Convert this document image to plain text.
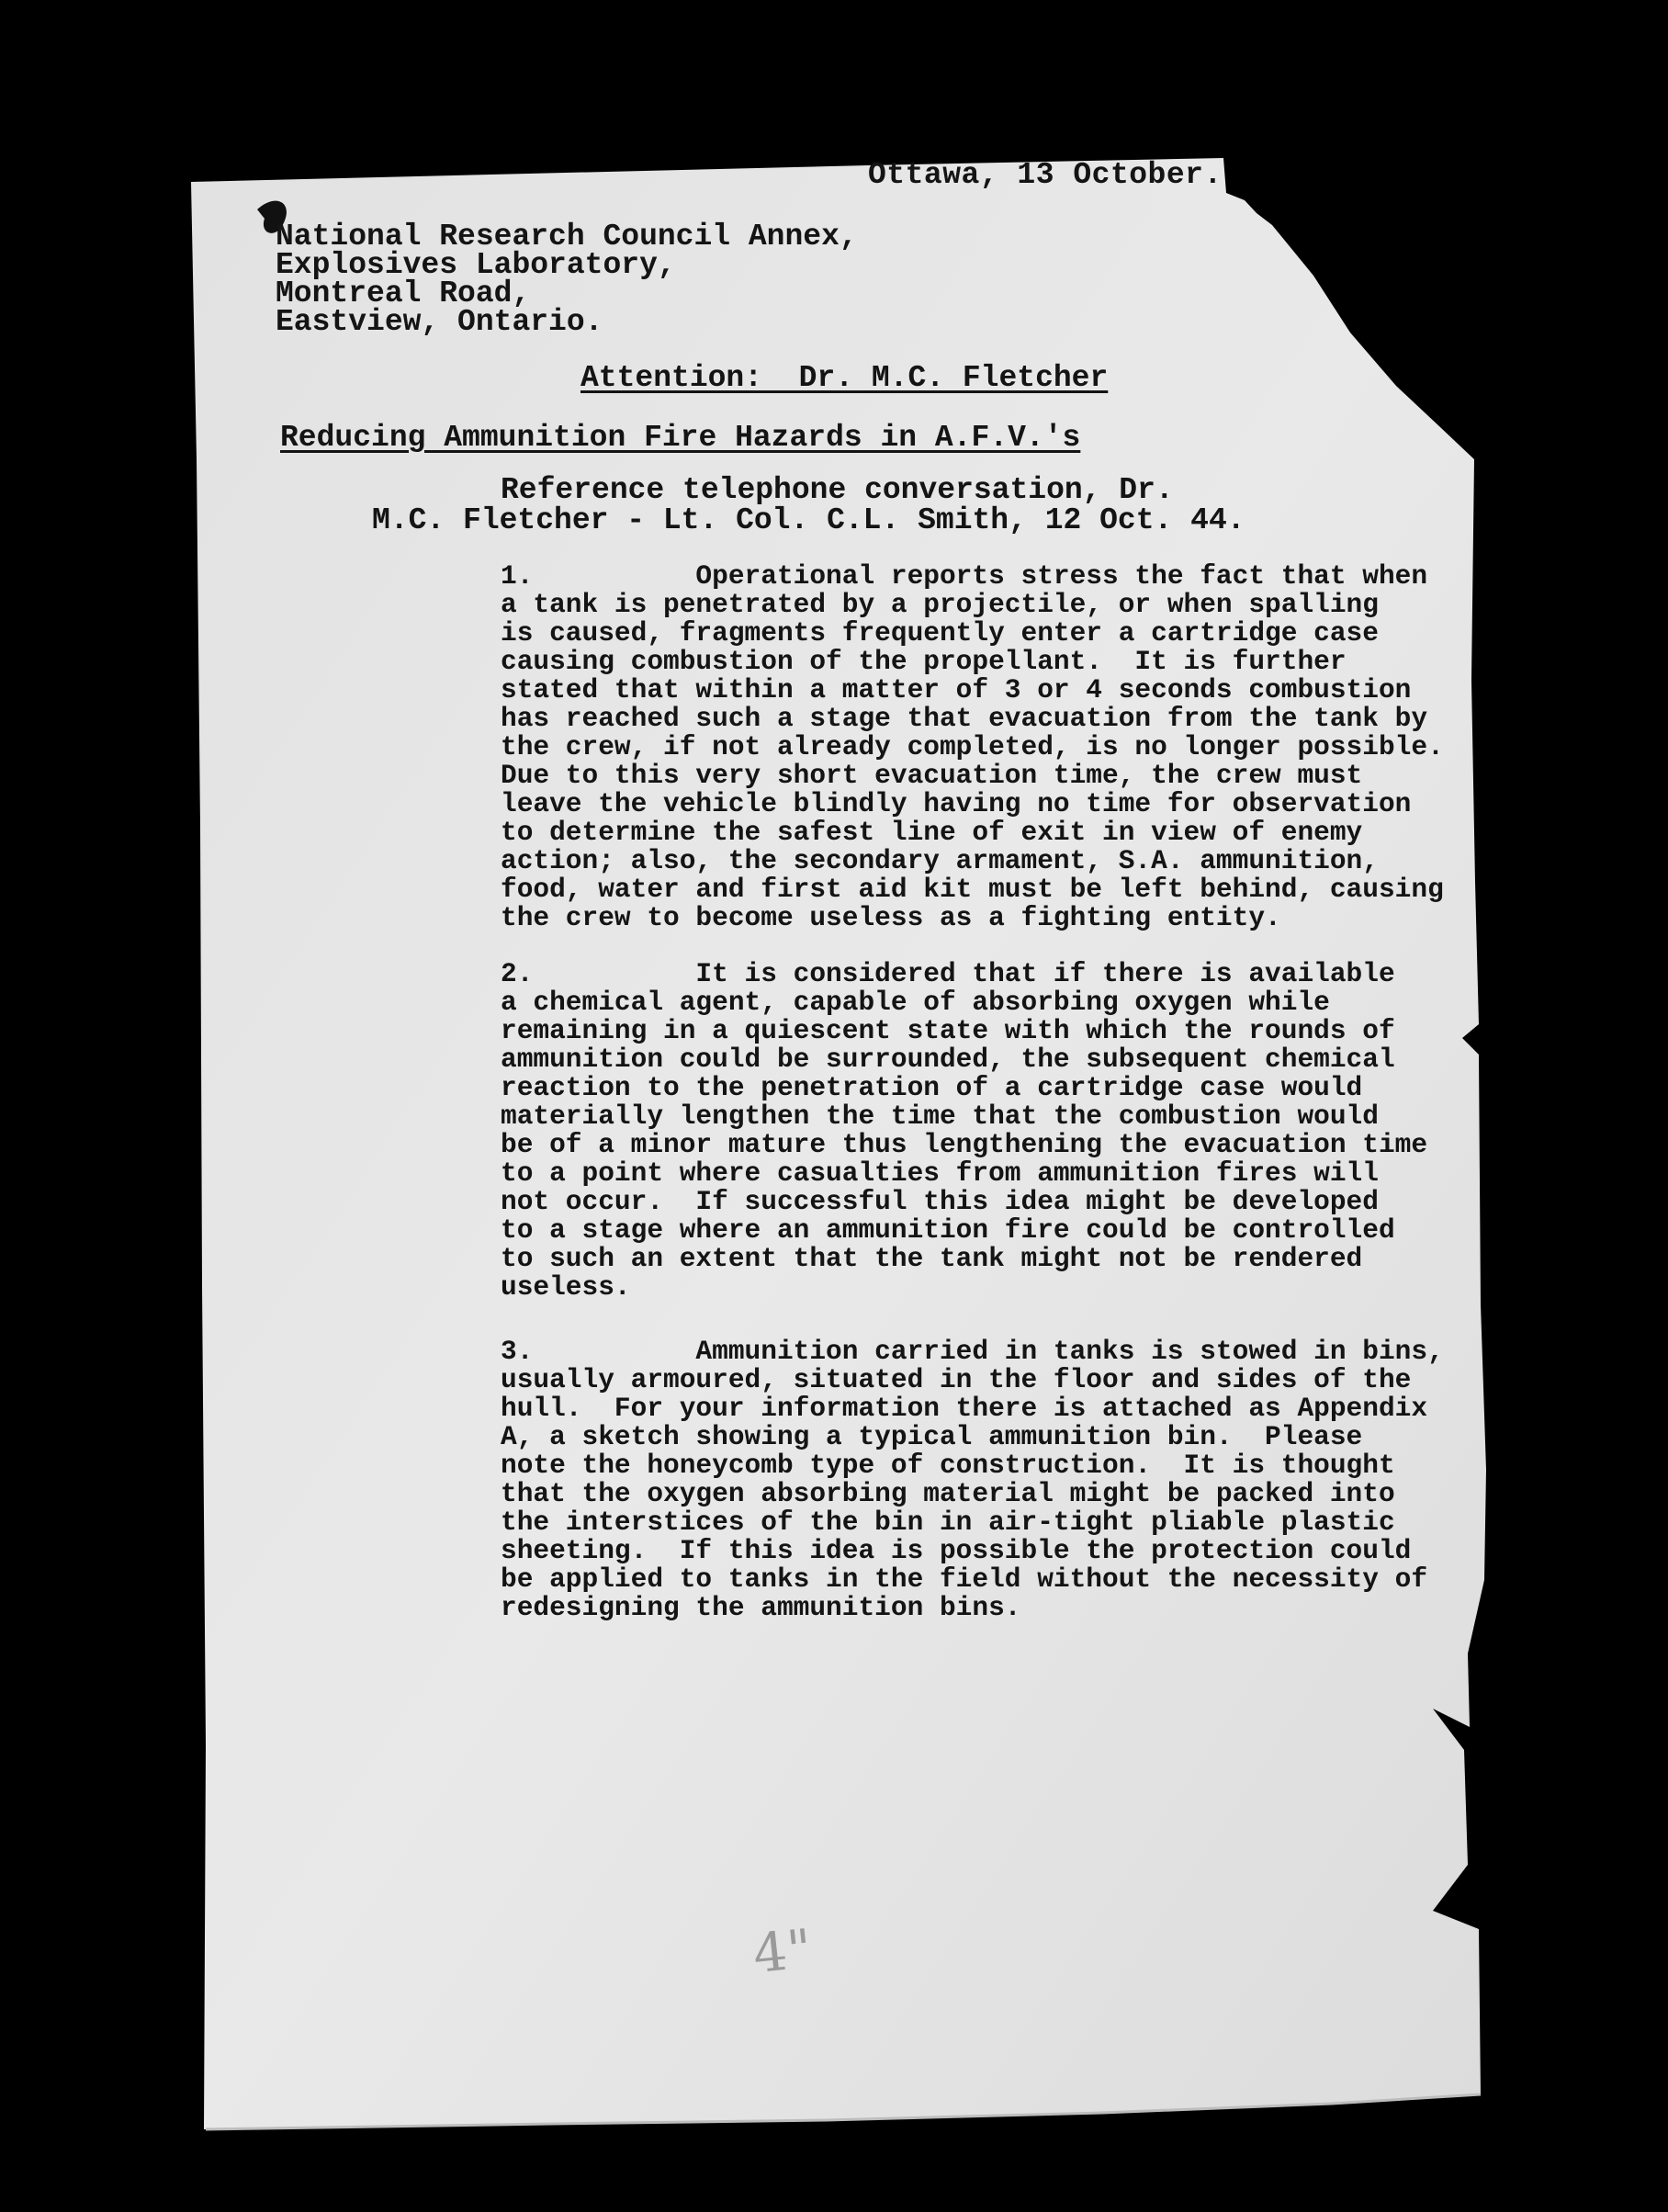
Ottawa, 13 October.
National Research Council Annex,
Explosives Laboratory,
Montreal Road,
Eastview, Ontario.
Attention:  Dr. M.C. Fletcher
Reducing Ammunition Fire Hazards in A.F.V.'s
Reference telephone conversation, Dr.
M.C. Fletcher - Lt. Col. C.L. Smith, 12 Oct. 44.
1.          Operational reports stress the fact that when
a tank is penetrated by a projectile, or when spalling
is caused, fragments frequently enter a cartridge case
causing combustion of the propellant.  It is further
stated that within a matter of 3 or 4 seconds combustion
has reached such a stage that evacuation from the tank by
the crew, if not already completed, is no longer possible.
Due to this very short evacuation time, the crew must
leave the vehicle blindly having no time for observation
to determine the safest line of exit in view of enemy
action; also, the secondary armament, S.A. ammunition,
food, water and first aid kit must be left behind, causing
the crew to become useless as a fighting entity.
2.          It is considered that if there is available
a chemical agent, capable of absorbing oxygen while
remaining in a quiescent state with which the rounds of
ammunition could be surrounded, the subsequent chemical
reaction to the penetration of a cartridge case would
materially lengthen the time that the combustion would
be of a minor mature thus lengthening the evacuation time
to a point where casualties from ammunition fires will
not occur.  If successful this idea might be developed
to a stage where an ammunition fire could be controlled
to such an extent that the tank might not be rendered
useless.
3.          Ammunition carried in tanks is stowed in bins,
usually armoured, situated in the floor and sides of the
hull.  For your information there is attached as Appendix
A, a sketch showing a typical ammunition bin.  Please
note the honeycomb type of construction.  It is thought
that the oxygen absorbing material might be packed into
the interstices of the bin in air-tight pliable plastic
sheeting.  If this idea is possible the protection could
be applied to tanks in the field without the necessity of
redesigning the ammunition bins.
4"
